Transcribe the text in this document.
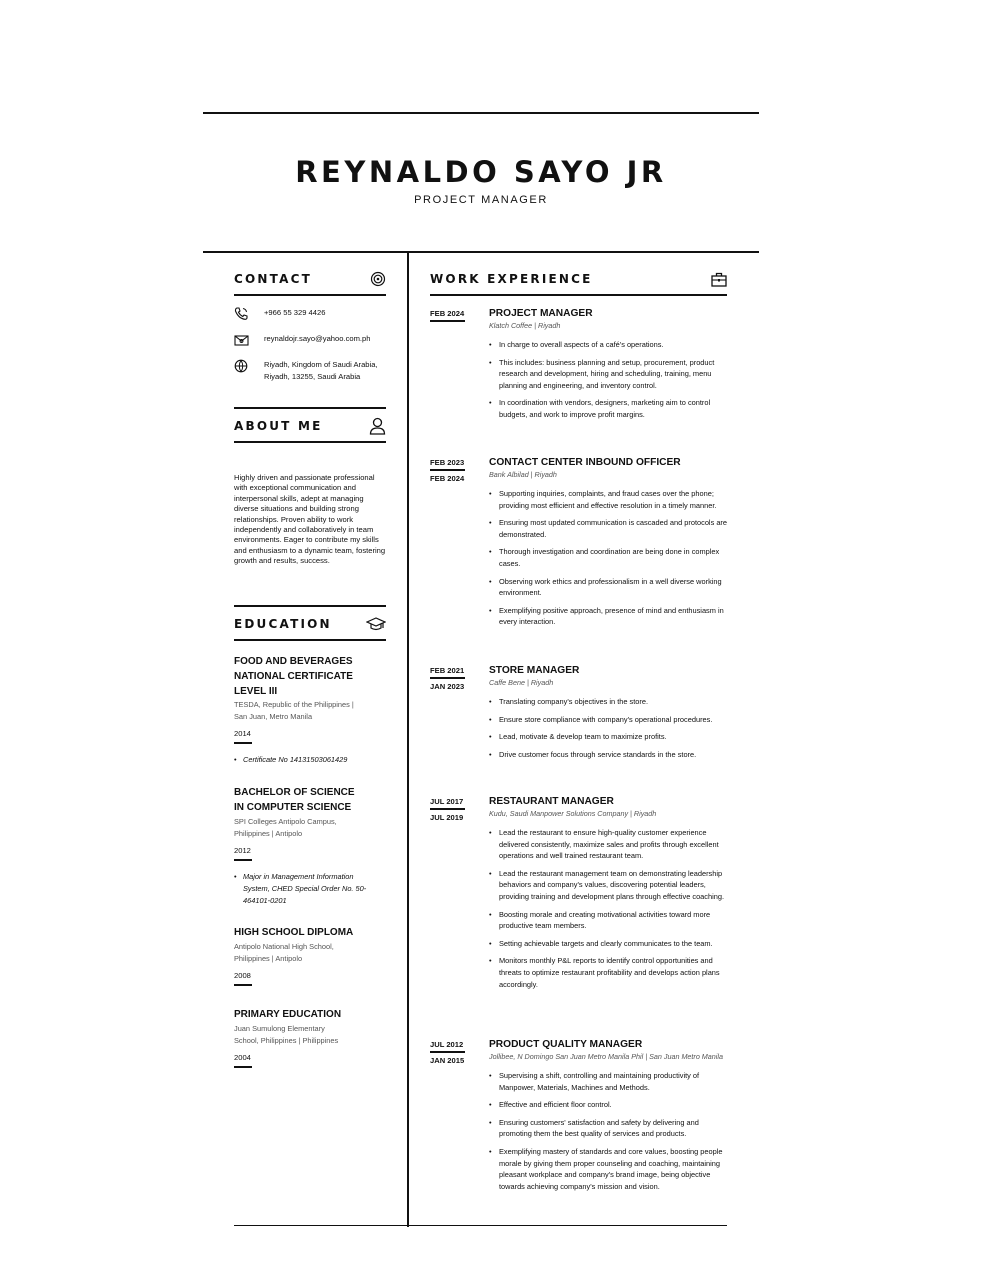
REYNALDO SAYO JR
PROJECT MANAGER
CONTACT
+966 55 329 4426
reynaldojr.sayo@yahoo.com.ph
Riyadh, Kingdom of Saudi Arabia, Riyadh, 13255, Saudi Arabia
ABOUT ME

Highly driven and passionate professional with exceptional communication and interpersonal skills, adept at managing diverse situations and building strong relationships. Proven ability to work independently and collaboratively in team environments. Eager to contribute my skills and enthusiasm to a dynamic team, fostering growth and results, success.

EDUCATION
FOOD AND BEVERAGES NATIONAL CERTIFICATE LEVEL III
TESDA, Republic of the Philippines | San Juan, Metro Manila
2014
• Certificate No 14131503061429
BACHELOR OF SCIENCE IN COMPUTER SCIENCE
SPI Colleges Antipolo Campus, Philippines | Antipolo
2012
• Major in Management Information System, CHED Special Order No. 50-464101-0201
HIGH SCHOOL DIPLOMA
Antipolo National High School, Philippines | Antipolo
2008
PRIMARY EDUCATION
Juan Sumulong Elementary School, Philippines | Philippines
2004
WORK EXPERIENCE
FEB 2024	PROJECT MANAGER
Klatch Coffee | Riyadh
• In charge to overall aspects of a café's operations.
• This includes: business planning and setup, procurement, product research and development, hiring and scheduling, training, menu planning and engineering, and inventory control.
• In coordination with vendors, designers, marketing aim to control budgets, and work to improve profit margins.
FEB 2023
FEB 2024
CONTACT CENTER INBOUND OFFICER
Bank Albilad | Riyadh
• Supporting inquiries, complaints, and fraud cases over the phone; providing most efficient and effective resolution in a timely manner.
• Ensuring most updated communication is cascaded and protocols are demonstrated.
• Thorough investigation and coordination are being done in complex cases.
• Observing work ethics and professionalism in a well diverse working environment.
• Exemplifying positive approach, presence of mind and enthusiasm in every interaction.
FEB 2021
JAN 2023
STORE MANAGER
Caffe Bene | Riyadh
• Translating company's objectives in the store.
• Ensure store compliance with company's operational procedures.
• Lead, motivate & develop team to maximize profits.
• Drive customer focus through service standards in the store.
JUL 2017
JUL 2019
RESTAURANT MANAGER
Kudu, Saudi Manpower Solutions Company | Riyadh
• Lead the restaurant to ensure high-quality customer experience delivered consistently, maximize sales and profits through excellent operations and well trained restaurant team.
• Lead the restaurant management team on demonstrating leadership behaviors and company's values, discovering potential leaders, providing training and development plans through effective coaching.
• Boosting morale and creating motivational activities toward more productive team members.
• Setting achievable targets and clearly communicates to the team.
• Monitors monthly P&L reports to identify control opportunities and threats to optimize restaurant profitability and develops action plans accordingly.
JUL 2012
JAN 2015
PRODUCT QUALITY MANAGER
Jollibee, N Domingo San Juan Metro Manila Phil | San Juan Metro Manila
• Supervising a shift, controlling and maintaining productivity of Manpower, Materials, Machines and Methods.
• Effective and efficient floor control.
• Ensuring customers' satisfaction and safety by delivering and promoting them the best quality of services and products.
• Exemplifying mastery of standards and core values, boosting people morale by giving them proper counseling and coaching, maintaining pleasant workplace and company's brand image, being objective towards achieving company's mission and vision.
